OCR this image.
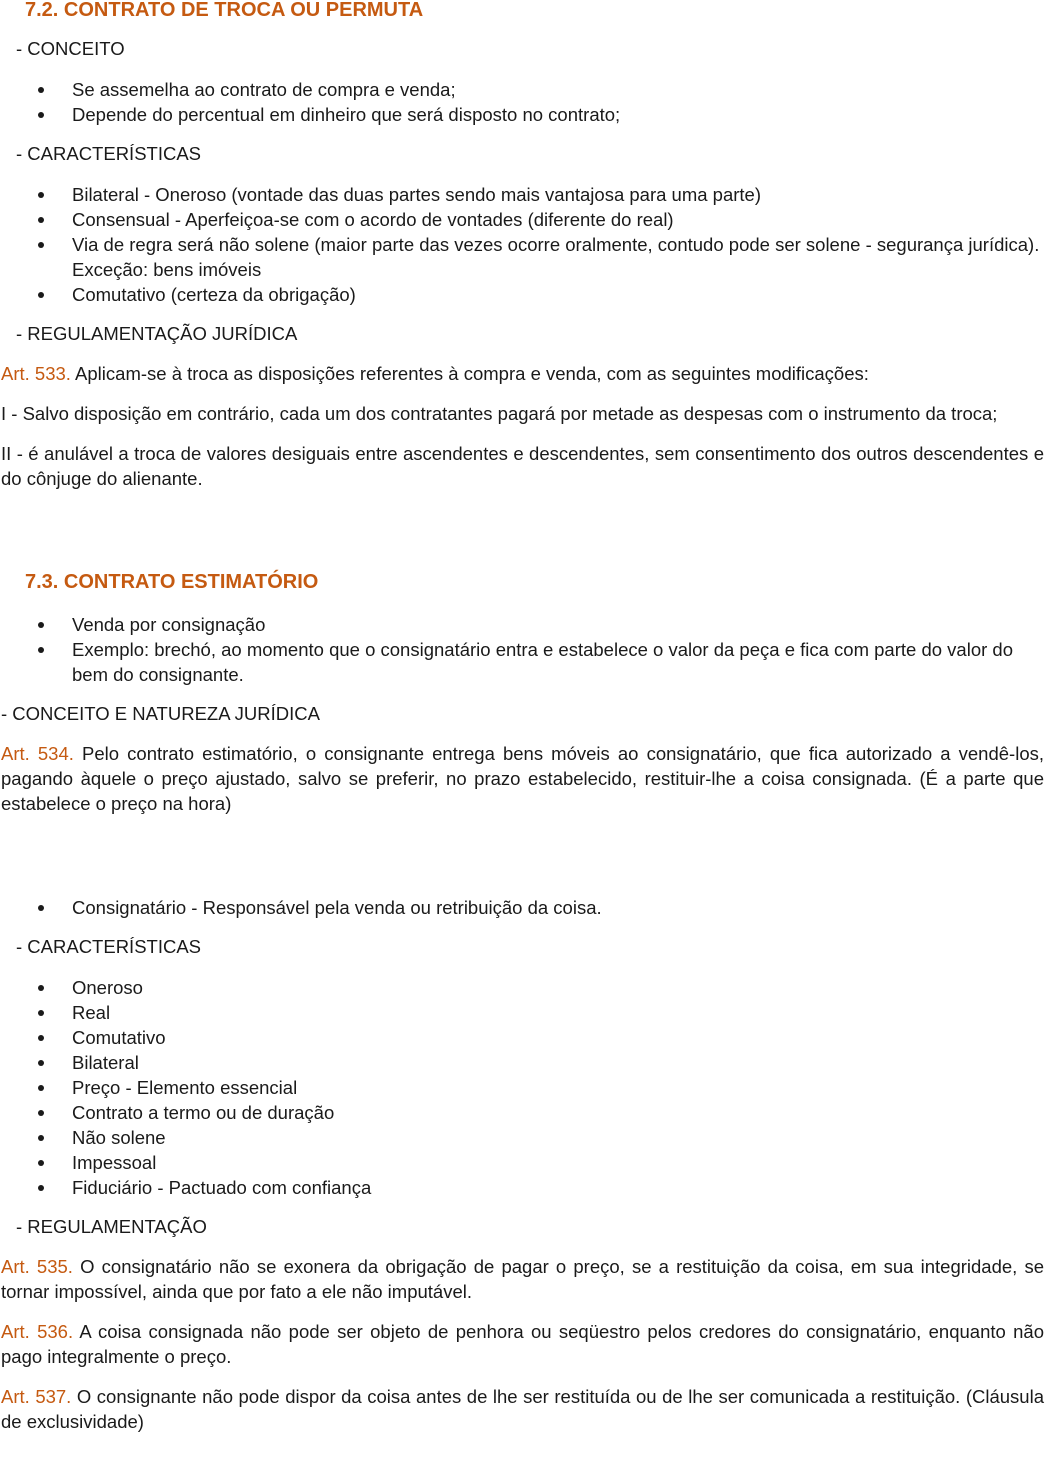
7.2. CONTRATO DE TROCA OU PERMUTA

- CONCEITO

Se assemelha ao contrato de compra e venda;
Depende do percentual em dinheiro que será disposto no contrato;

- CARACTERÍSTICAS

Bilateral - Oneroso (vontade das duas partes sendo mais vantajosa para uma parte)
Consensual - Aperfeiçoa-se com o acordo de vontades (diferente do real)
Via de regra será não solene (maior parte das vezes ocorre oralmente, contudo pode ser solene - segurança jurídica). Exceção: bens imóveis
Comutativo (certeza da obrigação)

- REGULAMENTAÇÃO JURÍDICA

Art. 533. Aplicam-se à troca as disposições referentes à compra e venda, com as seguintes modificações:

I - Salvo disposição em contrário, cada um dos contratantes pagará por metade as despesas com o instrumento da troca;

II - é anulável a troca de valores desiguais entre ascendentes e descendentes, sem consentimento dos outros descendentes e do cônjuge do alienante.

7.3. CONTRATO ESTIMATÓRIO
Venda por consignação
Exemplo: brechó, ao momento que o consignatário entra e estabelece o valor da peça e fica com parte do valor do bem do consignante.

- CONCEITO E NATUREZA JURÍDICA

Art. 534. Pelo contrato estimatório, o consignante entrega bens móveis ao consignatário, que fica autorizado a vendê-los, pagando àquele o preço ajustado, salvo se preferir, no prazo estabelecido, restituir-lhe a coisa consignada. (É a parte que estabelece o preço na hora)

Consignatário - Responsável pela venda ou retribuição da coisa.

- CARACTERÍSTICAS

Oneroso
Real
Comutativo
Bilateral
Preço - Elemento essencial
Contrato a termo ou de duração
Não solene
Impessoal
Fiduciário - Pactuado com confiança

- REGULAMENTAÇÃO

Art. 535. O consignatário não se exonera da obrigação de pagar o preço, se a restituição da coisa, em sua integridade, se tornar impossível, ainda que por fato a ele não imputável.

Art. 536. A coisa consignada não pode ser objeto de penhora ou seqüestro pelos credores do consignatário, enquanto não pago integralmente o preço.

Art. 537. O consignante não pode dispor da coisa antes de lhe ser restituída ou de lhe ser comunicada a restituição. (Cláusula de exclusividade)
